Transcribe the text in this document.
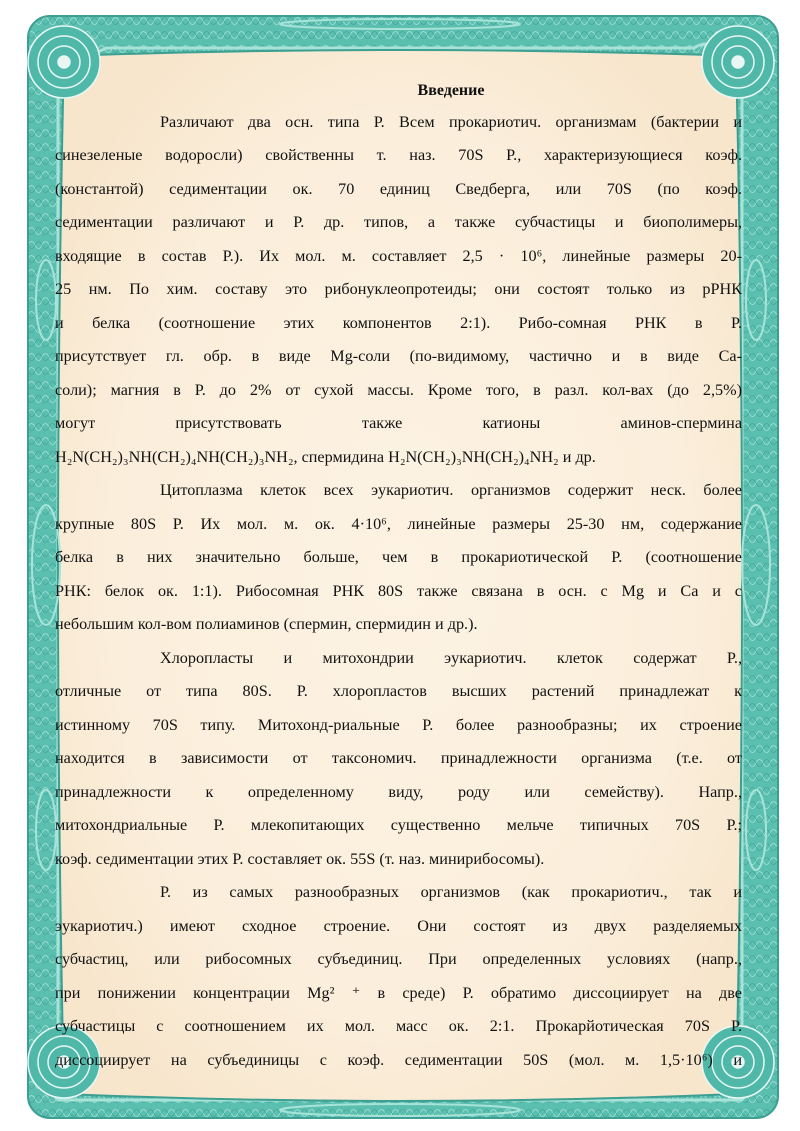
Введение
Различают два осн. типа Р. Всем прокариотич. организмам (бактерии и
синезеленые водоросли) свойственны т. наз. 70S Р., характеризующиеся коэф.
(константой) седиментации ок. 70 единиц Сведберга, или 70S (по коэф.
седиментации различают и Р. др. типов, а также субчастицы и биополимеры,
входящие в состав Р.). Их мол. м. составляет 2,5 · 10⁶, линейные размеры 20-
25 нм. По хим. составу это рибонуклеопротеиды; они состоят только из рРНК
и белка (соотношение этих компонентов 2:1). Рибо-сомная РНК в Р.
присутствует гл. обр. в виде Mg-соли (по-видимому, частично и в виде Са-
соли); магния в Р. до 2% от сухой массы. Кроме того, в разл. кол-вах (до 2,5%)
могут присутствовать также катионы аминов-спермина
H₂N(CH₂)₃NH(CH₂)₄NH(CH₂)₃NH₂, спермидина H₂N(CH₂)₃NH(CH₂)₄NH₂ и др.
Цитоплазма клеток всех эукариотич. организмов содержит неск. более
крупные 80S Р. Их мол. м. ок. 4·10⁶, линейные размеры 25-30 нм, содержание
белка в них значительно больше, чем в прокариотической Р. (соотношение
РНК: белок ок. 1:1). Рибосомная РНК 80S также связана в осн. с Mg и Са и с
небольшим кол-вом полиаминов (спермин, спермидин и др.).
Хлоропласты и митохондрии эукариотич. клеток содержат Р.,
отличные от типа 80S. Р. хлоропластов высших растений принадлежат к
истинному 70S типу. Митохонд-риальные Р. более разнообразны; их строение
находится в зависимости от таксономич. принадлежности организма (т.е. от
принадлежности к определенному виду, роду или семейству). Напр.,
митохондриальные Р. млекопитающих существенно мельче типичных 70S Р.;
коэф. седиментации этих Р. составляет ок. 55S (т. наз. минирибосомы).
Р. из самых разнообразных организмов (как прокариотич., так и
эукариотич.) имеют сходное строение. Они состоят из двух разделяемых
субчастиц, или рибосомных субъединиц. При определенных условиях (напр.,
при понижении концентрации Mg² ⁺ в среде) Р. обратимо диссоциирует на две
субчастицы с соотношением их мол. масс ок. 2:1. Прокарйотическая 70S Р.
диссоциирует на субъединицы с коэф. седиментации 50S (мол. м. 1,5·10⁶) и
